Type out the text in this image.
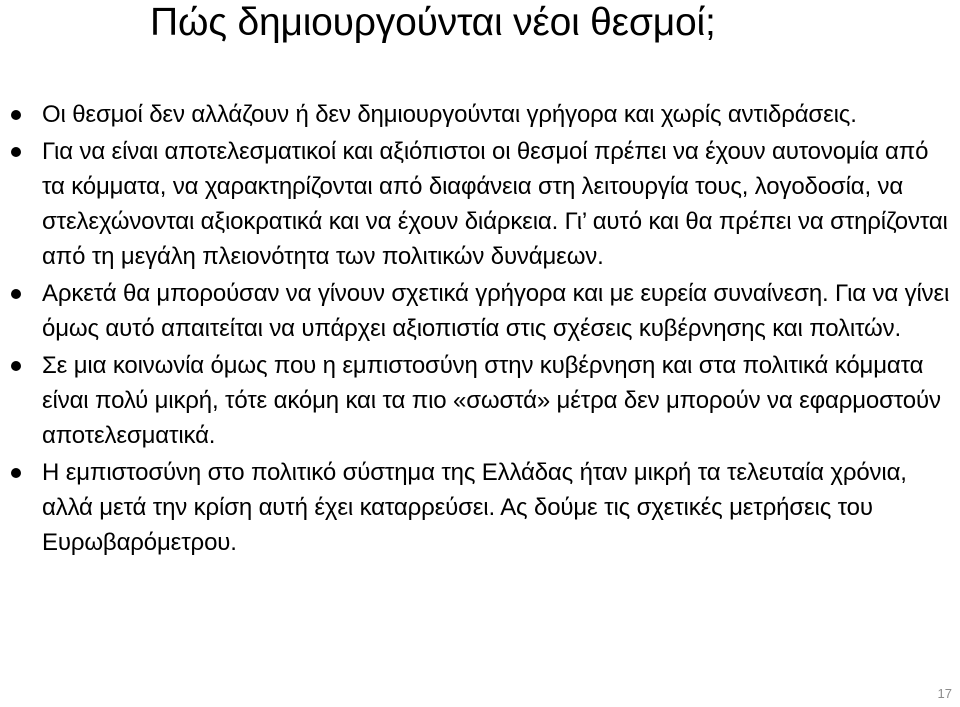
Πώς δημιουργούνται νέοι θεσμοί;
Οι θεσμοί δεν αλλάζουν ή δεν δημιουργούνται γρήγορα και χωρίς αντιδράσεις.
Για να είναι αποτελεσματικοί και αξιόπιστοι οι θεσμοί πρέπει να έχουν αυτονομία από τα κόμματα, να χαρακτηρίζονται από διαφάνεια στη λειτουργία τους, λογοδοσία, να στελεχώνονται αξιοκρατικά και να έχουν διάρκεια. Γι’ αυτό και θα πρέπει να στηρίζονται από τη μεγάλη πλειονότητα των πολιτικών δυνάμεων.
Αρκετά θα μπορούσαν να γίνουν σχετικά γρήγορα και με ευρεία συναίνεση. Για να γίνει όμως αυτό απαιτείται να υπάρχει αξιοπιστία στις σχέσεις κυβέρνησης και πολιτών.
Σε μια κοινωνία όμως που η εμπιστοσύνη στην κυβέρνηση και στα πολιτικά κόμματα είναι πολύ μικρή, τότε ακόμη και τα πιο «σωστά» μέτρα δεν μπορούν να εφαρμοστούν αποτελεσματικά.
Η εμπιστοσύνη στο πολιτικό σύστημα της Ελλάδας ήταν μικρή τα τελευταία χρόνια, αλλά μετά την κρίση αυτή έχει καταρρεύσει. Ας δούμε τις σχετικές μετρήσεις του Ευρωβαρόμετρου.
17
